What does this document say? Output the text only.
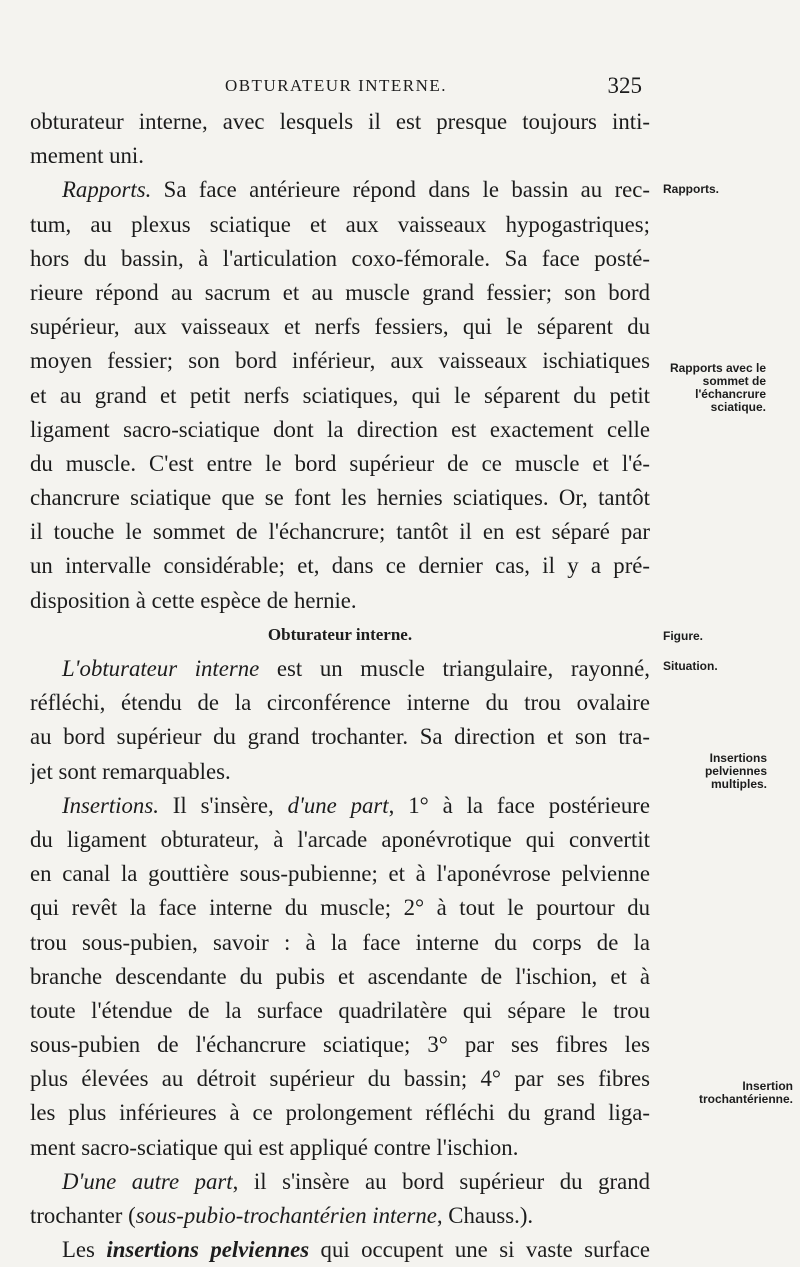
OBTURATEUR INTERNE.	325
obturateur interne, avec lesquels il est presque toujours inti-
mement uni.
Rapports. Sa face antérieure répond dans le bassin au rec-
tum, au plexus sciatique et aux vaisseaux hypogastriques;
hors du bassin, à l'articulation coxo-fémorale. Sa face posté-
rieure répond au sacrum et au muscle grand fessier; son bord
supérieur, aux vaisseaux et nerfs fessiers, qui le séparent du
moyen fessier; son bord inférieur, aux vaisseaux ischiatiques
et au grand et petit nerfs sciatiques, qui le séparent du petit
ligament sacro-sciatique dont la direction est exactement celle
du muscle. C'est entre le bord supérieur de ce muscle et l'é-
chancrure sciatique que se font les hernies sciatiques. Or, tantôt
il touche le sommet de l'échancrure; tantôt il en est séparé par
un intervalle considérable; et, dans ce dernier cas, il y a pré-
disposition à cette espèce de hernie.
Obturateur interne.
L'obturateur interne est un muscle triangulaire, rayonné,
réfléchi, étendu de la circonférence interne du trou ovalaire
au bord supérieur du grand trochanter. Sa direction et son tra-
jet sont remarquables.
Insertions. Il s'insère, d'une part, 1° à la face postérieure
du ligament obturateur, à l'arcade aponévrotique qui convertit
en canal la gouttière sous-pubienne; et à l'aponévrose pelvienne
qui revêt la face interne du muscle; 2° à tout le pourtour du
trou sous-pubien, savoir : à la face interne du corps de la
branche descendante du pubis et ascendante de l'ischion, et à
toute l'étendue de la surface quadrilatère qui sépare le trou
sous-pubien de l'échancrure sciatique; 3° par ses fibres les
plus élevées au détroit supérieur du bassin; 4° par ses fibres
les plus inférieures à ce prolongement réfléchi du grand liga-
ment sacro-sciatique qui est appliqué contre l'ischion.
D'une autre part, il s'insère au bord supérieur du grand
trochanter (sous-pubio-trochantérien interne, Chauss.).
Les insertions pelviennes qui occupent une si vaste surface
Rapports.
Rapports avec le sommet de l'échancrure sciatique.
Figure.
Situation.
Insertions pelviennes multiples.
Insertion trochantérienne.
